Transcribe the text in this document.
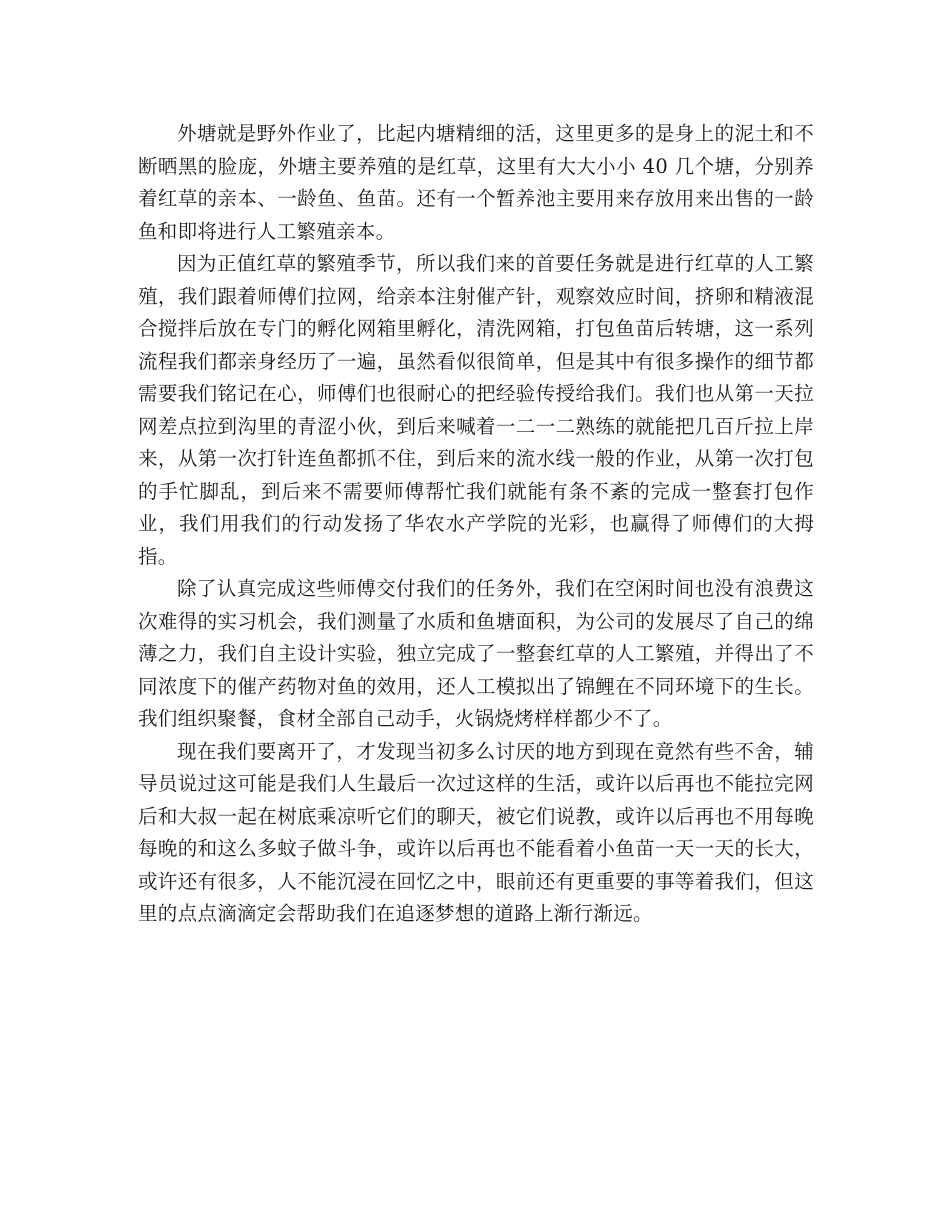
外塘就是野外作业了，比起内塘精细的活，这里更多的是身上的泥土和不断晒黑的脸庞，外塘主要养殖的是红草，这里有大大小小 40 几个塘，分别养着红草的亲本、一龄鱼、鱼苗。还有一个暂养池主要用来存放用来出售的一龄鱼和即将进行人工繁殖亲本。

因为正值红草的繁殖季节，所以我们来的首要任务就是进行红草的人工繁殖，我们跟着师傅们拉网，给亲本注射催产针，观察效应时间，挤卵和精液混合搅拌后放在专门的孵化网箱里孵化，清洗网箱，打包鱼苗后转塘，这一系列流程我们都亲身经历了一遍，虽然看似很简单，但是其中有很多操作的细节都需要我们铭记在心，师傅们也很耐心的把经验传授给我们。我们也从第一天拉网差点拉到沟里的青涩小伙，到后来喊着一二一二熟练的就能把几百斤拉上岸来，从第一次打针连鱼都抓不住，到后来的流水线一般的作业，从第一次打包的手忙脚乱，到后来不需要师傅帮忙我们就能有条不紊的完成一整套打包作业，我们用我们的行动发扬了华农水产学院的光彩，也赢得了师傅们的大拇指。

除了认真完成这些师傅交付我们的任务外，我们在空闲时间也没有浪费这次难得的实习机会，我们测量了水质和鱼塘面积，为公司的发展尽了自己的绵薄之力，我们自主设计实验，独立完成了一整套红草的人工繁殖，并得出了不同浓度下的催产药物对鱼的效用，还人工模拟出了锦鲤在不同环境下的生长。我们组织聚餐，食材全部自己动手，火锅烧烤样样都少不了。

现在我们要离开了，才发现当初多么讨厌的地方到现在竟然有些不舍，辅导员说过这可能是我们人生最后一次过这样的生活，或许以后再也不能拉完网后和大叔一起在树底乘凉听它们的聊天，被它们说教，或许以后再也不用每晚每晚的和这么多蚊子做斗争，或许以后再也不能看着小鱼苗一天一天的长大，或许还有很多，人不能沉浸在回忆之中，眼前还有更重要的事等着我们，但这里的点点滴滴定会帮助我们在追逐梦想的道路上渐行渐远。
